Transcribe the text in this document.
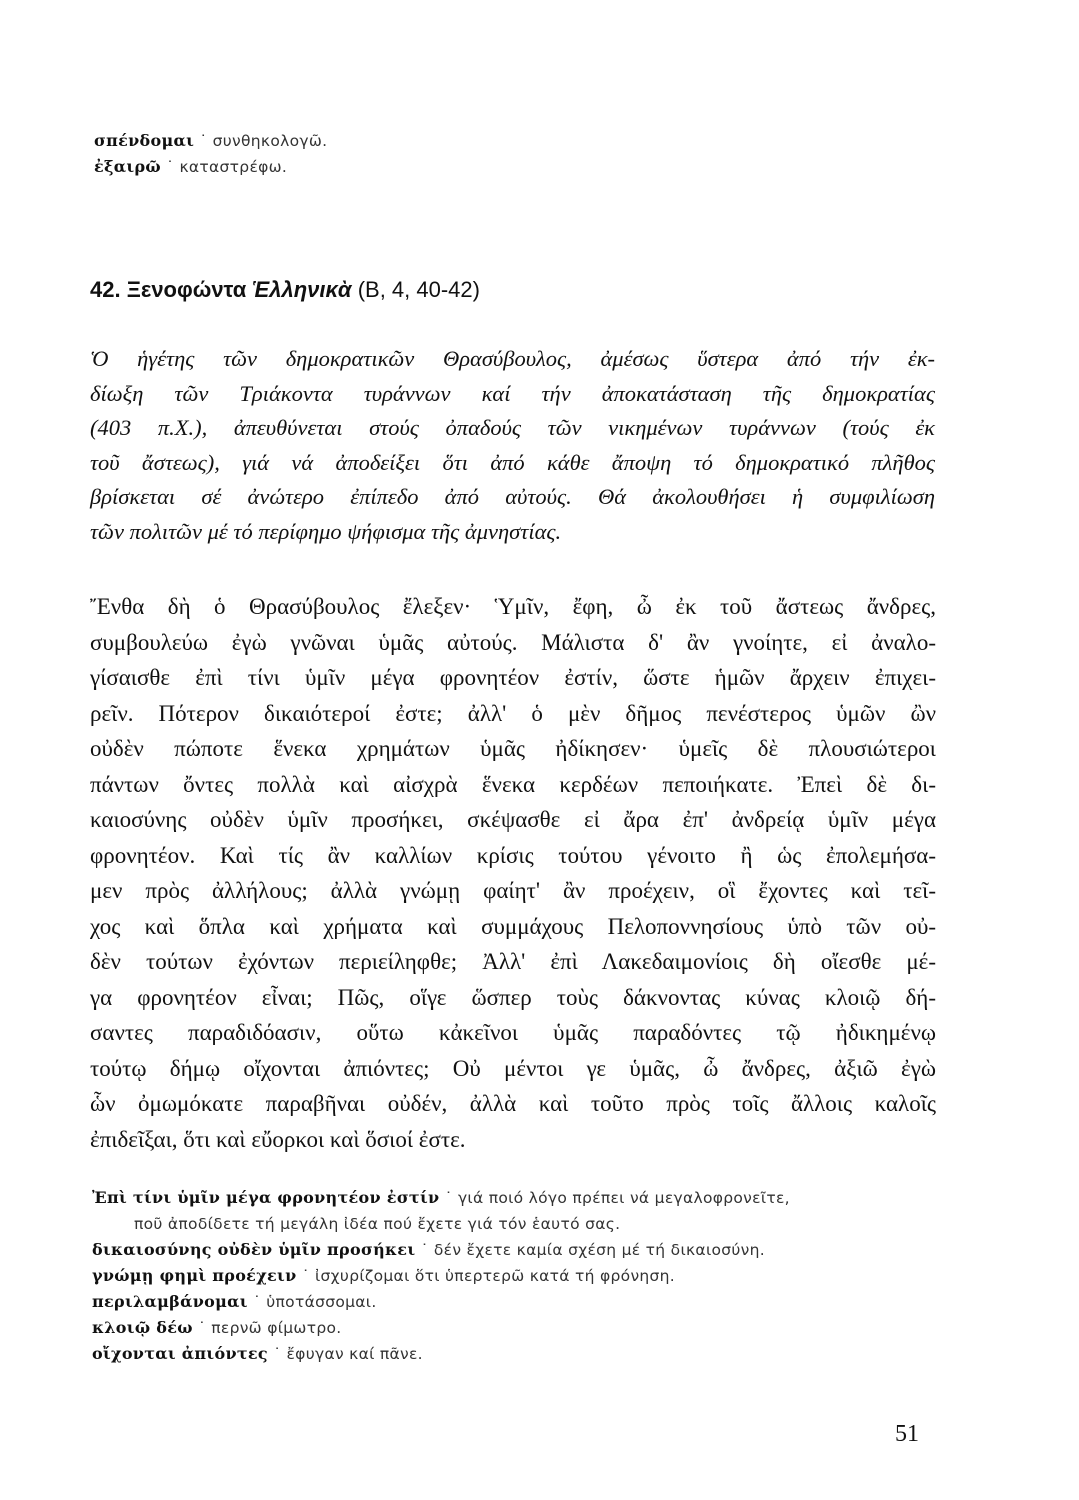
σπένδομαι ˙ συνθηκολογῶ.
ἐξαιρῶ ˙ καταστρέφω.
42. Ξενοφώντα Ἑλληνικὰ (Β, 4, 40-42)
Ὁ ἡγέτης τῶν δημοκρατικῶν Θρασύβουλος, ἀμέσως ὕστερα ἀπό τήν ἐκ-
δίωξη τῶν Τριάκοντα τυράννων καί τήν ἀποκατάσταση τῆς δημοκρατίας
(403 π.Χ.), ἀπευθύνεται στούς ὀπαδούς τῶν νικημένων τυράννων (τούς ἐκ
τοῦ ἄστεως), γιά νά ἀποδείξει ὅτι ἀπό κάθε ἄποψη τό δημοκρατικό πλῆθος
βρίσκεται σέ ἀνώτερο ἐπίπεδο ἀπό αὐτούς. Θά ἀκολουθήσει ἡ συμφιλίωση
τῶν πολιτῶν μέ τό περίφημο ψήφισμα τῆς ἀμνηστίας.
Ἔνθα δὴ ὁ Θρασύβουλος ἔλεξεν· Ὑμῖν, ἔφη, ὦ ἐκ τοῦ ἄστεως ἄνδρες,
συμβουλεύω ἐγὼ γνῶναι ὑμᾶς αὐτούς. Μάλιστα δ' ἂν γνοίητε, εἰ ἀναλο-
γίσαισθε ἐπὶ τίνι ὑμῖν μέγα φρονητέον ἐστίν, ὥστε ἡμῶν ἄρχειν ἐπιχει-
ρεῖν. Πότερον δικαιότεροί ἐστε; ἀλλ' ὁ μὲν δῆμος πενέστερος ὑμῶν ὢν
οὐδὲν πώποτε ἕνεκα χρημάτων ὑμᾶς ἠδίκησεν· ὑμεῖς δὲ πλουσιώτεροι
πάντων ὄντες πολλὰ καὶ αἰσχρὰ ἕνεκα κερδέων πεποιήκατε. Ἐπεὶ δὲ δι-
καιοσύνης οὐδὲν ὑμῖν προσήκει, σκέψασθε εἰ ἄρα ἐπ' ἀνδρείᾳ ὑμῖν μέγα
φρονητέον. Καὶ τίς ἂν καλλίων κρίσις τούτου γένοιτο ἢ ὡς ἐπολεμήσα-
μεν πρὸς ἀλλήλους; ἀλλὰ γνώμῃ φαίητ' ἂν προέχειν, οἳ ἔχοντες καὶ τεῖ-
χος καὶ ὅπλα καὶ χρήματα καὶ συμμάχους Πελοποννησίους ὑπὸ τῶν οὐ-
δὲν τούτων ἐχόντων περιείληφθε; Ἀλλ' ἐπὶ Λακεδαιμονίοις δὴ οἴεσθε μέ-
γα φρονητέον εἶναι; Πῶς, οἵγε ὥσπερ τοὺς δάκνοντας κύνας κλοιῷ δή-
σαντες παραδιδόασιν, οὕτω κἀκεῖνοι ὑμᾶς παραδόντες τῷ ἠδικημένῳ
τούτῳ δήμῳ οἴχονται ἀπιόντες; Οὐ μέντοι γε ὑμᾶς, ὦ ἄνδρες, ἀξιῶ ἐγὼ
ὧν ὀμωμόκατε παραβῆναι οὐδέν, ἀλλὰ καὶ τοῦτο πρὸς τοῖς ἄλλοις καλοῖς
ἐπιδεῖξαι, ὅτι καὶ εὔορκοι καὶ ὅσιοί ἐστε.
Ἐπὶ τίνι ὑμῖν μέγα φρονητέον ἐστίν ˙ γιά ποιό λόγο πρέπει νά μεγαλοφρονεῖτε,
ποῦ ἀποδίδετε τή μεγάλη ἰδέα πού ἔχετε γιά τόν ἑαυτό σας.
δικαιοσύνης οὐδὲν ὑμῖν προσήκει ˙ δέν ἔχετε καμία σχέση μέ τή δικαιοσύνη.
γνώμῃ φημὶ προέχειν ˙ ἰσχυρίζομαι ὅτι ὑπερτερῶ κατά τή φρόνηση.
περιλαμβάνομαι ˙ ὑποτάσσομαι.
κλοιῷ δέω ˙ περνῶ φίμωτρο.
οἴχονται ἀπιόντες ˙ ἔφυγαν καί πᾶνε.
51
